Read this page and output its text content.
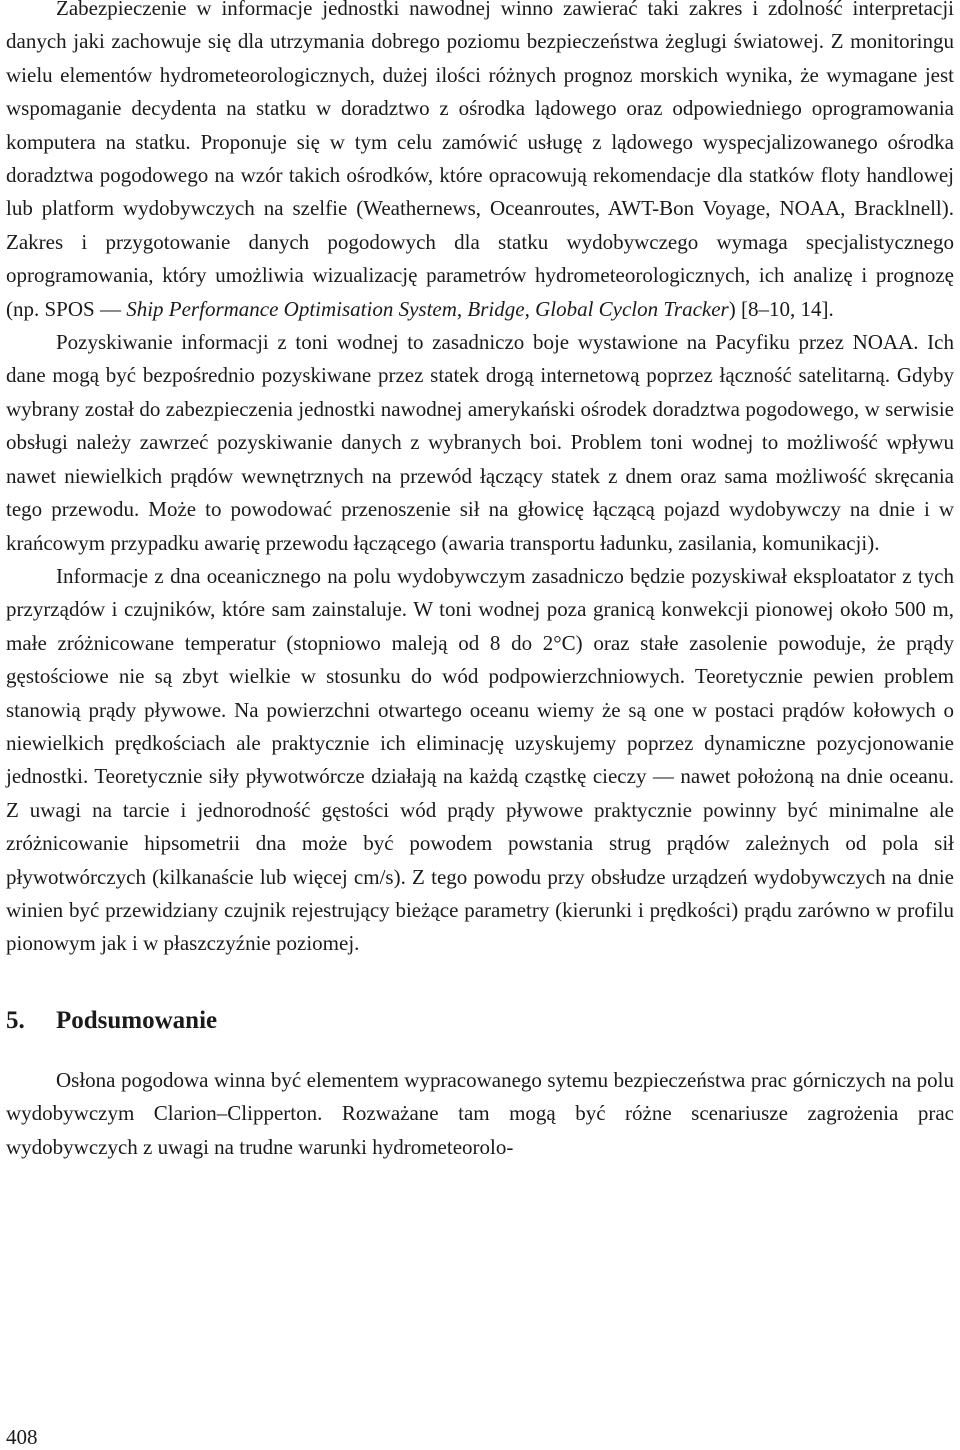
Zabezpieczenie w informacje jednostki nawodnej winno zawierać taki zakres i zdolność interpretacji danych jaki zachowuje się dla utrzymania dobrego poziomu bezpieczeństwa żeglugi światowej. Z monitoringu wielu elementów hydrometeorologicznych, dużej ilości różnych prognoz morskich wynika, że wymagane jest wspomaganie decydenta na statku w doradztwo z ośrodka lądowego oraz odpowiedniego oprogramowania komputera na statku. Proponuje się w tym celu zamówić usługę z lądowego wyspecjalizowanego ośrodka doradztwa pogodowego na wzór takich ośrodków, które opracowują rekomendacje dla statków floty handlowej lub platform wydobywczych na szelfie (Weathernews, Oceanroutes, AWT-Bon Voyage, NOAA, Bracklnell). Zakres i przygotowanie danych pogodowych dla statku wydobywczego wymaga specjalistycznego oprogramowania, który umożliwia wizualizację parametrów hydrometeorologicznych, ich analizę i prognozę (np. SPOS — Ship Performance Optimisation System, Bridge, Global Cyclon Tracker) [8–10, 14].

Pozyskiwanie informacji z toni wodnej to zasadniczo boje wystawione na Pacyfiku przez NOAA. Ich dane mogą być bezpośrednio pozyskiwane przez statek drogą internetową poprzez łączność satelitarną. Gdyby wybrany został do zabezpieczenia jednostki nawodnej amerykański ośrodek doradztwa pogodowego, w serwisie obsługi należy zawrzeć pozyskiwanie danych z wybranych boi. Problem toni wodnej to możliwość wpływu nawet niewielkich prądów wewnętrznych na przewód łączący statek z dnem oraz sama możliwość skręcania tego przewodu. Może to powodować przenoszenie sił na głowicę łączącą pojazd wydobywczy na dnie i w krańcowym przypadku awarię przewodu łączącego (awaria transportu ładunku, zasilania, komunikacji).

Informacje z dna oceanicznego na polu wydobywczym zasadniczo będzie pozyskiwał eksploatator z tych przyrządów i czujników, które sam zainstaluje. W toni wodnej poza granicą konwekcji pionowej około 500 m, małe zróżnicowane temperatur (stopniowo maleją od 8 do 2°C) oraz stałe zasolenie powoduje, że prądy gęstościowe nie są zbyt wielkie w stosunku do wód podpowierzchniowych. Teoretycznie pewien problem stanowią prądy pływowe. Na powierzchni otwartego oceanu wiemy że są one w postaci prądów kołowych o niewielkich prędkościach ale praktycznie ich eliminację uzyskujemy poprzez dynamiczne pozycjonowanie jednostki. Teoretycznie siły pływotwórcze działają na każdą cząstkę cieczy — nawet położoną na dnie oceanu. Z uwagi na tarcie i jednorodność gęstości wód prądy pływowe praktycznie powinny być minimalne ale zróżnicowanie hipsometrii dna może być powodem powstania strug prądów zależnych od pola sił pływotwórczych (kilkanaście lub więcej cm/s). Z tego powodu przy obsłudze urządzeń wydobywczych na dnie winien być przewidziany czujnik rejestrujący bieżące parametry (kierunki i prędkości) prądu zarówno w profilu pionowym jak i w płaszczyźnie poziomej.

5. Podsumowanie

Osłona pogodowa winna być elementem wypracowanego sytemu bezpieczeństwa prac górniczych na polu wydobywczym Clarion–Clipperton. Rozważane tam mogą być różne scenariusze zagrożenia prac wydobywczych z uwagi na trudne warunki hydrometeorolo-

408
